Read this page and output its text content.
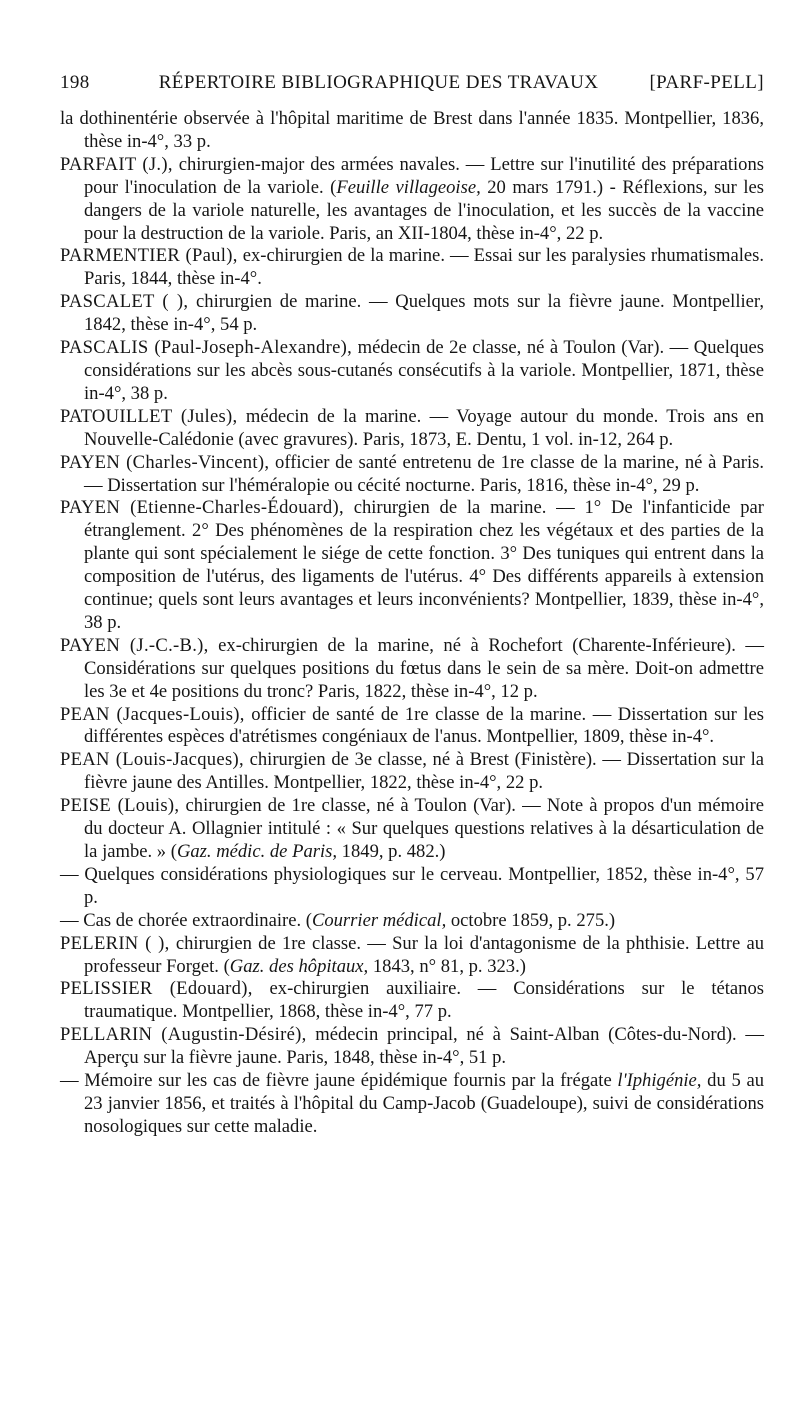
198	RÉPERTOIRE BIBLIOGRAPHIQUE DES TRAVAUX	[PARF-PELL]

la dothinentérie observée à l'hôpital maritime de Brest dans l'année 1835. Montpellier, 1836, thèse in-4°, 33 p.

PARFAIT (J.), chirurgien-major des armées navales. — Lettre sur l'inutilité des préparations pour l'inoculation de la variole. (Feuille villageoise, 20 mars 1791.) - Réflexions, sur les dangers de la variole naturelle, les avantages de l'inoculation, et les succès de la vaccine pour la destruction de la variole. Paris, an XII-1804, thèse in-4°, 22 p.

PARMENTIER (Paul), ex-chirurgien de la marine. — Essai sur les paralysies rhumatismales. Paris, 1844, thèse in-4°.

PASCALET ( ), chirurgien de marine. — Quelques mots sur la fièvre jaune. Montpellier, 1842, thèse in-4°, 54 p.

PASCALIS (Paul-Joseph-Alexandre), médecin de 2e classe, né à Toulon (Var). — Quelques considérations sur les abcès sous-cutanés consécutifs à la variole. Montpellier, 1871, thèse in-4°, 38 p.

PATOUILLET (Jules), médecin de la marine. — Voyage autour du monde. Trois ans en Nouvelle-Calédonie (avec gravures). Paris, 1873, E. Dentu, 1 vol. in-12, 264 p.

PAYEN (Charles-Vincent), officier de santé entretenu de 1re classe de la marine, né à Paris. — Dissertation sur l'héméralopie ou cécité nocturne. Paris, 1816, thèse in-4°, 29 p.

PAYEN (Etienne-Charles-Édouard), chirurgien de la marine. — 1° De l'infanticide par étranglement. 2° Des phénomènes de la respiration chez les végétaux et des parties de la plante qui sont spécialement le siége de cette fonction. 3° Des tuniques qui entrent dans la composition de l'utérus, des ligaments de l'utérus. 4° Des différents appareils à extension continue; quels sont leurs avantages et leurs inconvénients? Montpellier, 1839, thèse in-4°, 38 p.

PAYEN (J.-C.-B.), ex-chirurgien de la marine, né à Rochefort (Charente-Inférieure). — Considérations sur quelques positions du fœtus dans le sein de sa mère. Doit-on admettre les 3e et 4e positions du tronc? Paris, 1822, thèse in-4°, 12 p.

PEAN (Jacques-Louis), officier de santé de 1re classe de la marine. — Dissertation sur les différentes espèces d'atrétismes congéniaux de l'anus. Montpellier, 1809, thèse in-4°.

PEAN (Louis-Jacques), chirurgien de 3e classe, né à Brest (Finistère). — Dissertation sur la fièvre jaune des Antilles. Montpellier, 1822, thèse in-4°, 22 p.

PEISE (Louis), chirurgien de 1re classe, né à Toulon (Var). — Note à propos d'un mémoire du docteur A. Ollagnier intitulé : « Sur quelques questions relatives à la désarticulation de la jambe. » (Gaz. médic. de Paris, 1849, p. 482.)

— Quelques considérations physiologiques sur le cerveau. Montpellier, 1852, thèse in-4°, 57 p.

— Cas de chorée extraordinaire. (Courrier médical, octobre 1859, p. 275.)

PELERIN ( ), chirurgien de 1re classe. — Sur la loi d'antagonisme de la phthisie. Lettre au professeur Forget. (Gaz. des hôpitaux, 1843, n° 81, p. 323.)

PELISSIER (Edouard), ex-chirurgien auxiliaire. — Considérations sur le tétanos traumatique. Montpellier, 1868, thèse in-4°, 77 p.

PELLARIN (Augustin-Désiré), médecin principal, né à Saint-Alban (Côtes-du-Nord). — Aperçu sur la fièvre jaune. Paris, 1848, thèse in-4°, 51 p.

— Mémoire sur les cas de fièvre jaune épidémique fournis par la frégate l'Iphigénie, du 5 au 23 janvier 1856, et traités à l'hôpital du Camp-Jacob (Guadeloupe), suivi de considérations nosologiques sur cette maladie.
